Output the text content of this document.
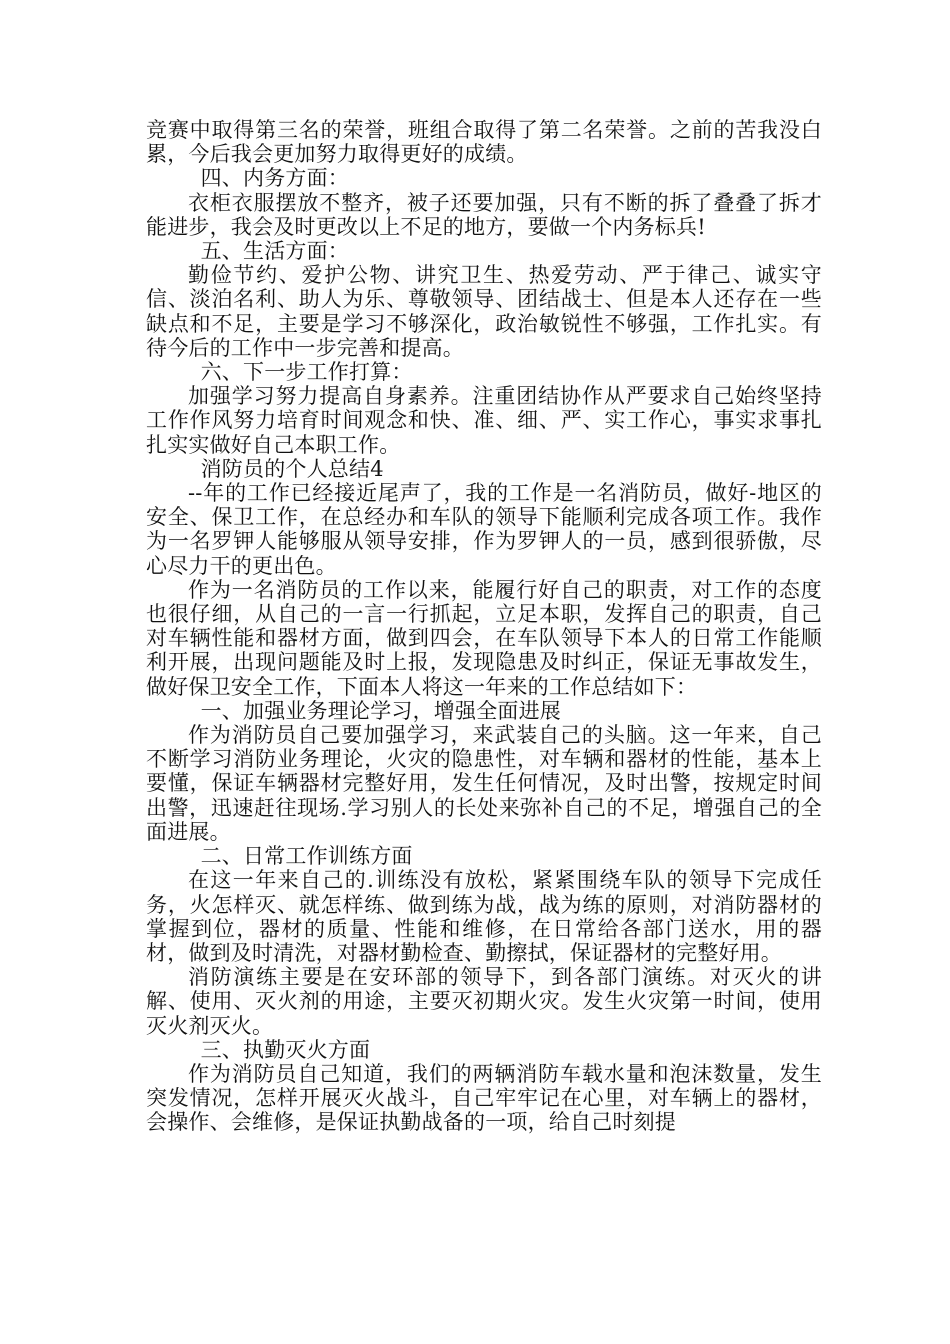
竞赛中取得第三名的荣誉，班组合取得了第二名荣誉。之前的苦我没白累，今后我会更加努力取得更好的成绩。

四、内务方面：

衣柜衣服摆放不整齐，被子还要加强，只有不断的拆了叠叠了拆才能进步，我会及时更改以上不足的地方，要做一个内务标兵!

五、生活方面：

勤俭节约、爱护公物、讲究卫生、热爱劳动、严于律己、诚实守信、淡泊名利、助人为乐、尊敬领导、团结战士、但是本人还存在一些缺点和不足，主要是学习不够深化，政治敏锐性不够强，工作扎实。有待今后的工作中一步完善和提高。

六、下一步工作打算：

加强学习努力提高自身素养。注重团结协作从严要求自己始终坚持工作作风努力培育时间观念和快、准、细、严、实工作心，事实求事扎扎实实做好自己本职工作。

消防员的个人总结4

--年的工作已经接近尾声了，我的工作是一名消防员，做好-地区的安全、保卫工作，在总经办和车队的领导下能顺利完成各项工作。我作为一名罗钾人能够服从领导安排，作为罗钾人的一员，感到很骄傲，尽心尽力干的更出色。

作为一名消防员的工作以来，能履行好自己的职责，对工作的态度也很仔细，从自己的一言一行抓起，立足本职，发挥自己的职责，自己对车辆性能和器材方面，做到四会，在车队领导下本人的日常工作能顺利开展，出现问题能及时上报，发现隐患及时纠正，保证无事故发生，做好保卫安全工作，下面本人将这一年来的工作总结如下：

一、加强业务理论学习，增强全面进展

作为消防员自己要加强学习，来武装自己的头脑。这一年来，自己不断学习消防业务理论，火灾的隐患性，对车辆和器材的性能，基本上要懂，保证车辆器材完整好用，发生任何情况，及时出警，按规定时间出警，迅速赶往现场.学习别人的长处来弥补自己的不足，增强自己的全面进展。

二、日常工作训练方面

在这一年来自己的.训练没有放松，紧紧围绕车队的领导下完成任务，火怎样灭、就怎样练、做到练为战，战为练的原则，对消防器材的掌握到位，器材的质量、性能和维修，在日常给各部门送水，用的器材，做到及时清洗，对器材勤检查、勤擦拭，保证器材的完整好用。

消防演练主要是在安环部的领导下，到各部门演练。对灭火的讲解、使用、灭火剂的用途，主要灭初期火灾。发生火灾第一时间，使用灭火剂灭火。

三、执勤灭火方面

作为消防员自己知道，我们的两辆消防车载水量和泡沫数量，发生突发情况，怎样开展灭火战斗，自己牢牢记在心里，对车辆上的器材，会操作、会维修，是保证执勤战备的一项，给自己时刻提
